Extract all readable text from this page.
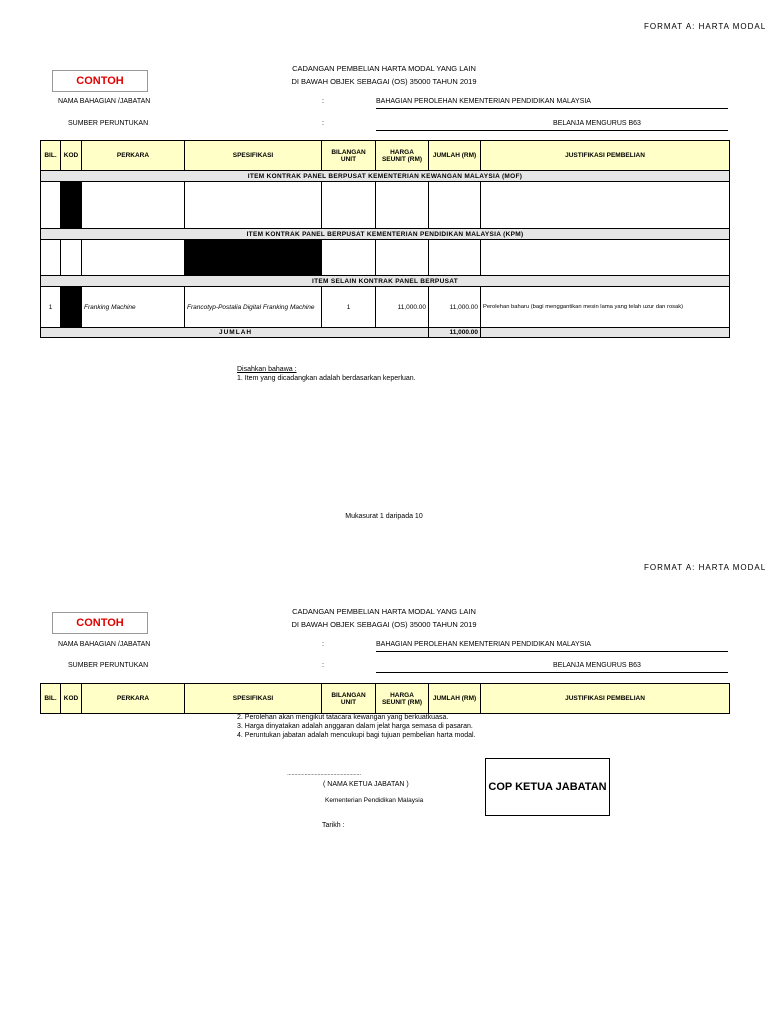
FORMAT A: HARTA MODAL
CONTOH
CADANGAN PEMBELIAN HARTA MODAL YANG LAIN
DI BAWAH OBJEK SEBAGAI (OS) 35000 TAHUN 2019
NAMA BAHAGIAN /JABATAN	:	BAHAGIAN PEROLEHAN KEMENTERIAN PENDIDIKAN MALAYSIA
SUMBER PERUNTUKAN	:	BELANJA MENGURUS B63
BIL.	KOD	PERKARA	SPESIFIKASI	BILANGAN UNIT	HARGA SEUNIT (RM)	JUMLAH (RM)	JUSTIFIKASI PEMBELIAN
ITEM KONTRAK PANEL BERPUSAT KEMENTERIAN KEWANGAN MALAYSIA (MOF)							

ITEM KONTRAK PANEL BERPUSAT KEMENTERIAN PENDIDIKAN MALAYSIA (KPM)							

ITEM SELAIN KONTRAK PANEL BERPUSAT							
1		Franking Machine	Francotyp-Postalia Digital Franking Machine	1	11,000.00	11,000.00	Perolehan baharu (bagi menggantikan mesin lama yang telah uzur dan rosak)
JUMLAH						11,000.00	
Disahkan bahawa :
1. Item yang dicadangkan adalah berdasarkan keperluan.
Mukasurat 1 daripada 10
FORMAT A: HARTA MODAL
CONTOH
CADANGAN PEMBELIAN HARTA MODAL YANG LAIN
DI BAWAH OBJEK SEBAGAI (OS) 35000 TAHUN 2019
NAMA BAHAGIAN /JABATAN	:	BAHAGIAN PEROLEHAN KEMENTERIAN PENDIDIKAN MALAYSIA
SUMBER PERUNTUKAN	:	BELANJA MENGURUS B63
BIL.	KOD	PERKARA	SPESIFIKASI	BILANGAN UNIT	HARGA SEUNIT (RM)	JUMLAH (RM)	JUSTIFIKASI PEMBELIAN
2. Perolehan akan mengikut tatacara kewangan yang berkuatkuasa.
3. Harga dinyatakan adalah anggaran dalam jelat harga semasa di pasaran.
4. Peruntukan jabatan adalah mencukupi bagi tujuan pembelian harta modal.
...................................................
( NAMA KETUA JABATAN )
Kementerian Pendidikan Malaysia
Tarikh :
COP KETUA JABATAN
